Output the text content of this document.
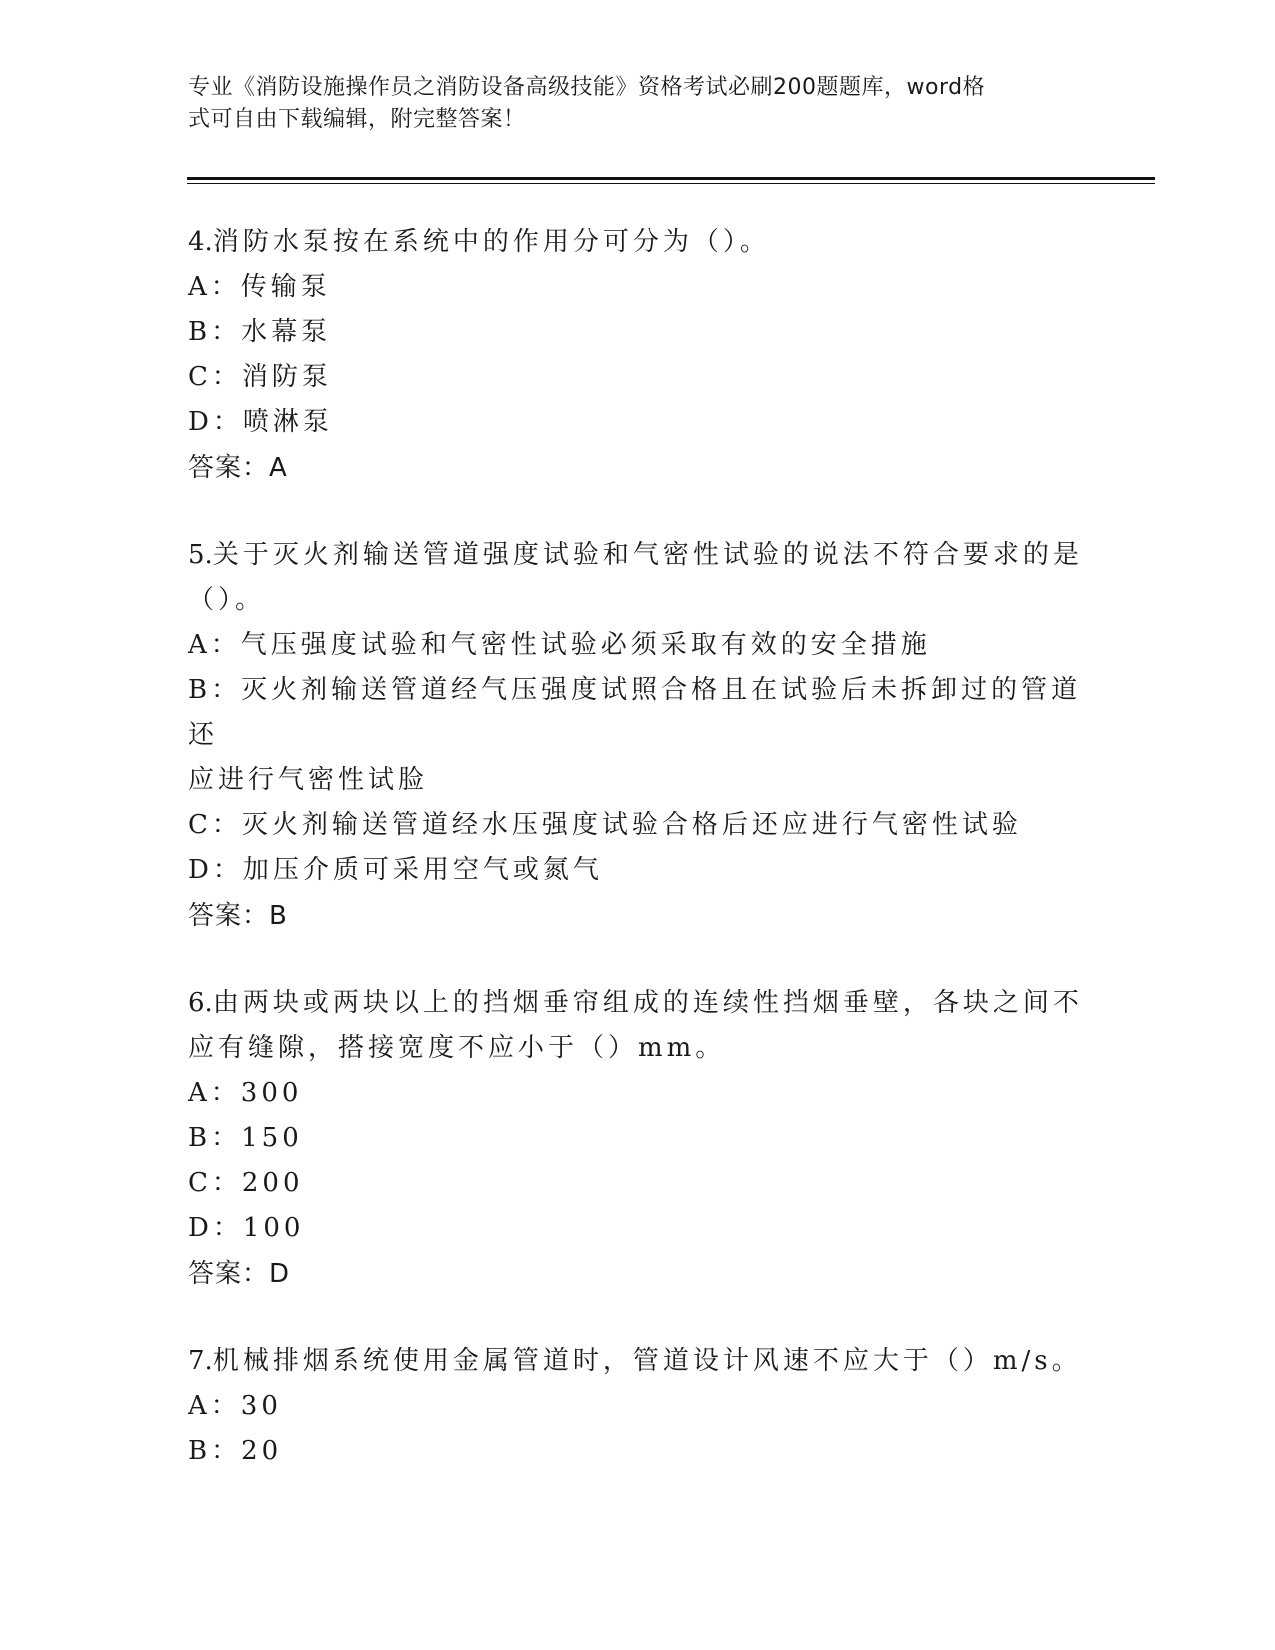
专业《消防设施操作员之消防设备高级技能》资格考试必刷200题题库，word格
式可自由下载编辑，附完整答案！
4.消防水泵按在系统中的作用分可分为（）。
A：传输泵
B：水幕泵
C：消防泵
D：喷淋泵
答案：A
5.关于灭火剂输送管道强度试验和气密性试验的说法不符合要求的是
（）。
A：气压强度试验和气密性试验必须采取有效的安全措施
B：灭火剂输送管道经气压强度试照合格且在试验后未拆卸过的管道还
应进行气密性试脸
C：灭火剂输送管道经水压强度试验合格后还应进行气密性试验
D：加压介质可采用空气或氮气
答案：B
6.由两块或两块以上的挡烟垂帘组成的连续性挡烟垂壁，各块之间不
应有缝隙，搭接宽度不应小于（）mm。
A：300
B：150
C：200
D：100
答案：D
7.机械排烟系统使用金属管道时，管道设计风速不应大于（）m/s。
A：30
B：20
